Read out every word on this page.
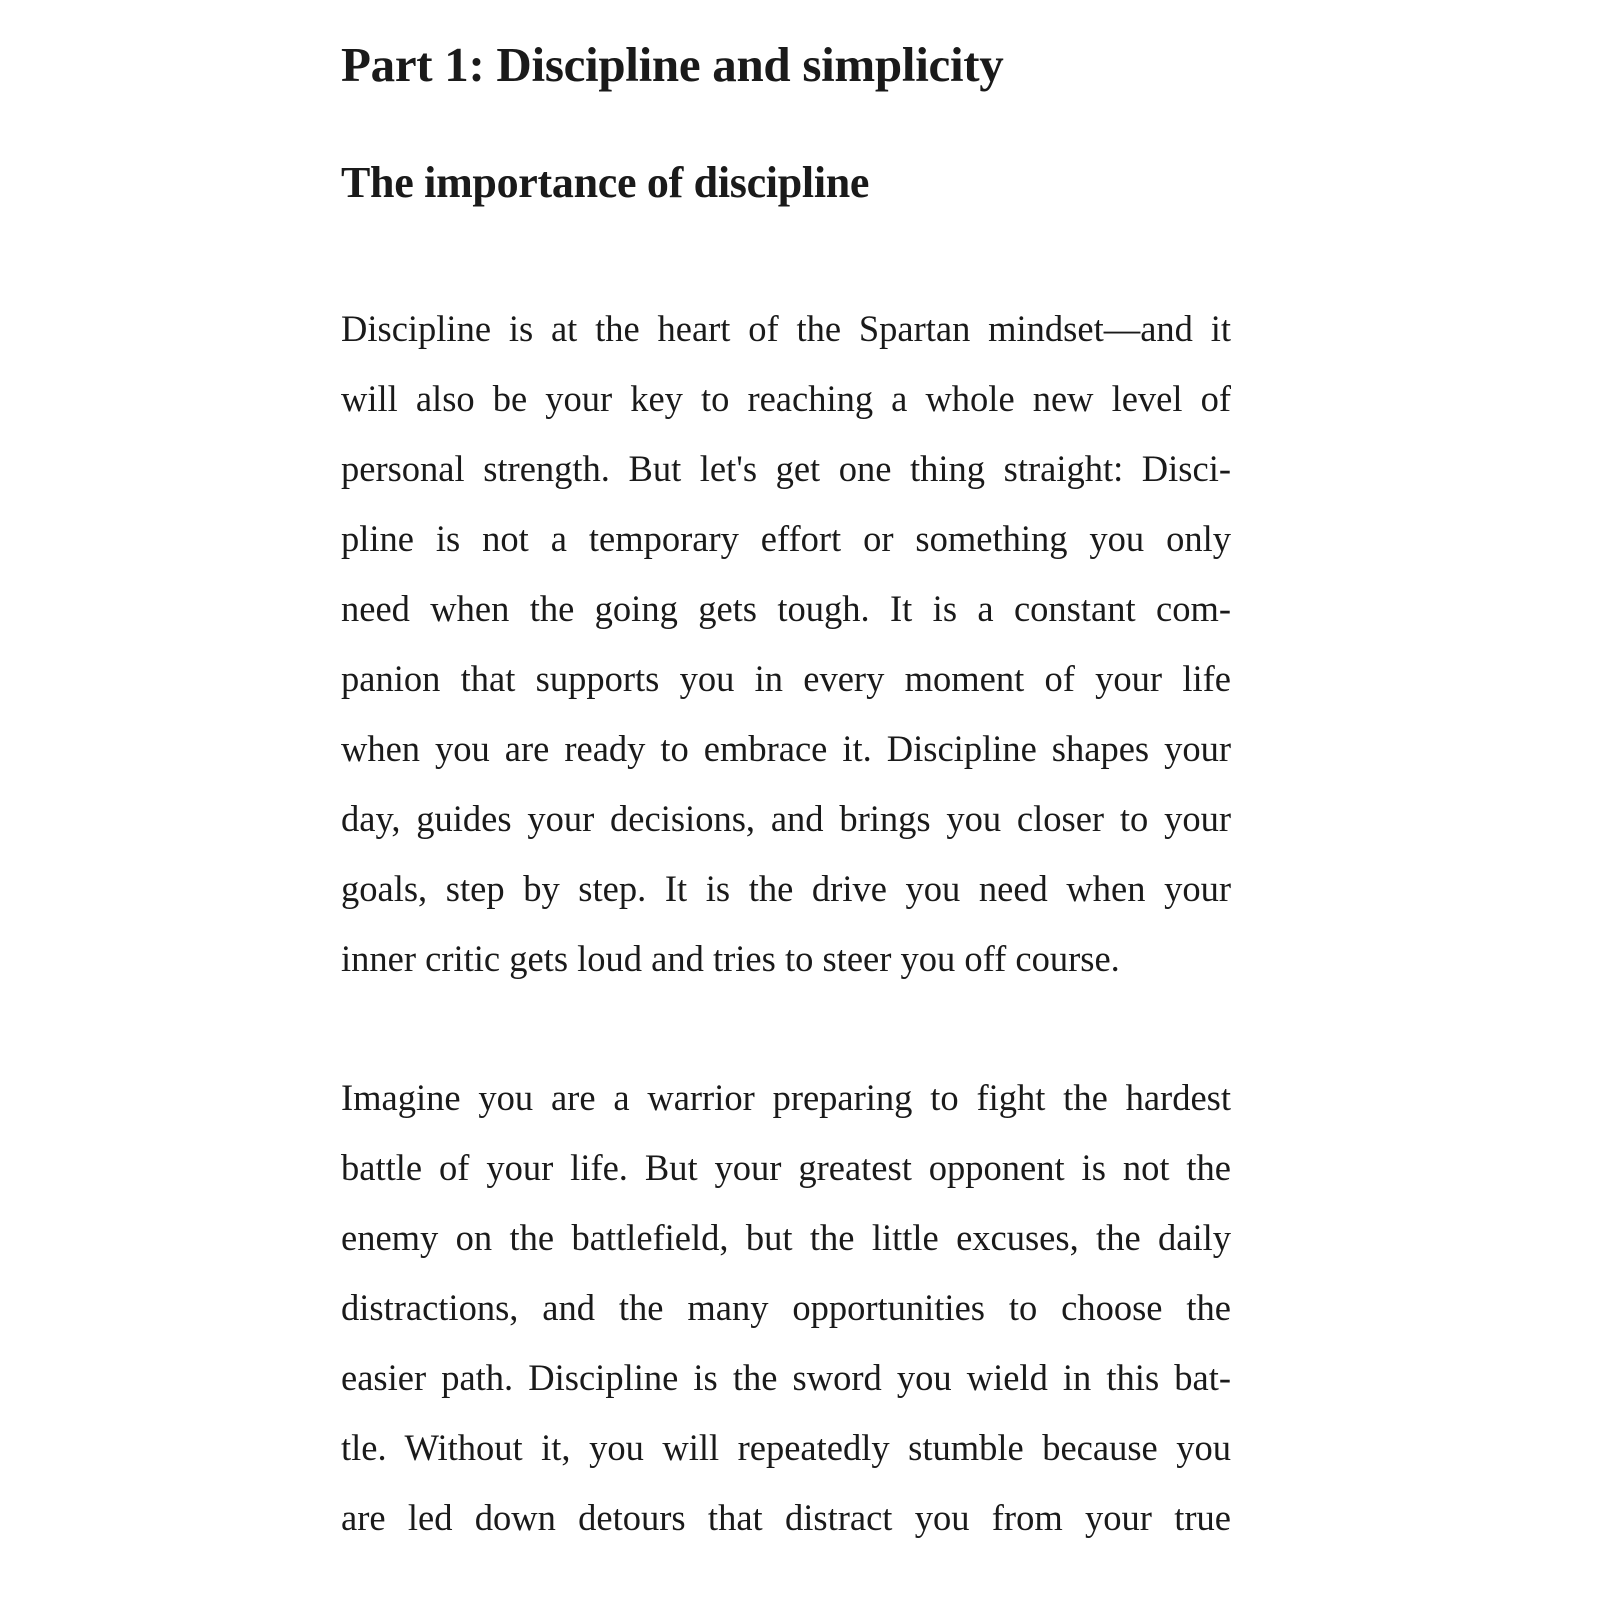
Part 1: Discipline and simplicity
The importance of discipline
Discipline is at the heart of the Spartan mindset—and it
will also be your key to reaching a whole new level of
personal strength. But let's get one thing straight: Disci-
pline is not a temporary effort or something you only
need when the going gets tough. It is a constant com-
panion that supports you in every moment of your life
when you are ready to embrace it. Discipline shapes your
day, guides your decisions, and brings you closer to your
goals, step by step. It is the drive you need when your
inner critic gets loud and tries to steer you off course.
Imagine you are a warrior preparing to fight the hardest
battle of your life. But your greatest opponent is not the
enemy on the battlefield, but the little excuses, the daily
distractions, and the many opportunities to choose the
easier path. Discipline is the sword you wield in this bat-
tle. Without it, you will repeatedly stumble because you
are led down detours that distract you from your true
